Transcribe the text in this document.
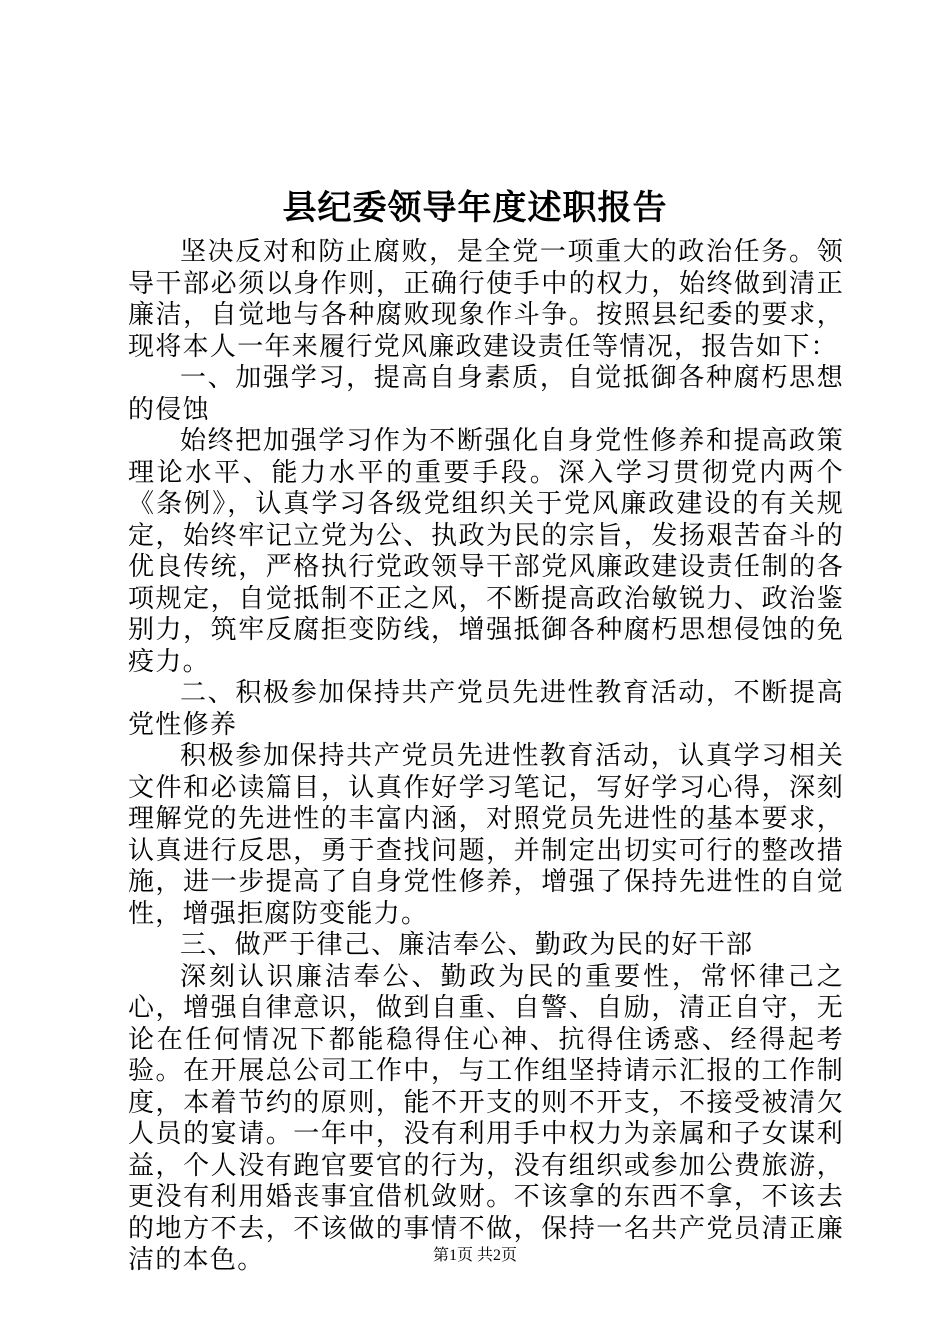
县纪委领导年度述职报告

坚决反对和防止腐败，是全党一项重大的政治任务。领导干部必须以身作则，正确行使手中的权力，始终做到清正廉洁，自觉地与各种腐败现象作斗争。按照县纪委的要求，现将本人一年来履行党风廉政建设责任等情况，报告如下：

一、加强学习，提高自身素质，自觉抵御各种腐朽思想的侵蚀

始终把加强学习作为不断强化自身党性修养和提高政策理论水平、能力水平的重要手段。深入学习贯彻党内两个《条例》，认真学习各级党组织关于党风廉政建设的有关规定，始终牢记立党为公、执政为民的宗旨，发扬艰苦奋斗的优良传统，严格执行党政领导干部党风廉政建设责任制的各项规定，自觉抵制不正之风，不断提高政治敏锐力、政治鉴别力，筑牢反腐拒变防线，增强抵御各种腐朽思想侵蚀的免疫力。

二、积极参加保持共产党员先进性教育活动，不断提高党性修养

积极参加保持共产党员先进性教育活动，认真学习相关文件和必读篇目，认真作好学习笔记，写好学习心得，深刻理解党的先进性的丰富内涵，对照党员先进性的基本要求，认真进行反思，勇于查找问题，并制定出切实可行的整改措施，进一步提高了自身党性修养，增强了保持先进性的自觉性，增强拒腐防变能力。

三、做严于律己、廉洁奉公、勤政为民的好干部

深刻认识廉洁奉公、勤政为民的重要性，常怀律己之心，增强自律意识，做到自重、自警、自励，清正自守，无论在任何情况下都能稳得住心神、抗得住诱惑、经得起考验。在开展总公司工作中，与工作组坚持请示汇报的工作制度，本着节约的原则，能不开支的则不开支，不接受被清欠人员的宴请。一年中，没有利用手中权力为亲属和子女谋利益，个人没有跑官要官的行为，没有组织或参加公费旅游，更没有利用婚丧事宜借机敛财。不该拿的东西不拿，不该去的地方不去，不该做的事情不做，保持一名共产党员清正廉洁的本色。	第1页 共2页
